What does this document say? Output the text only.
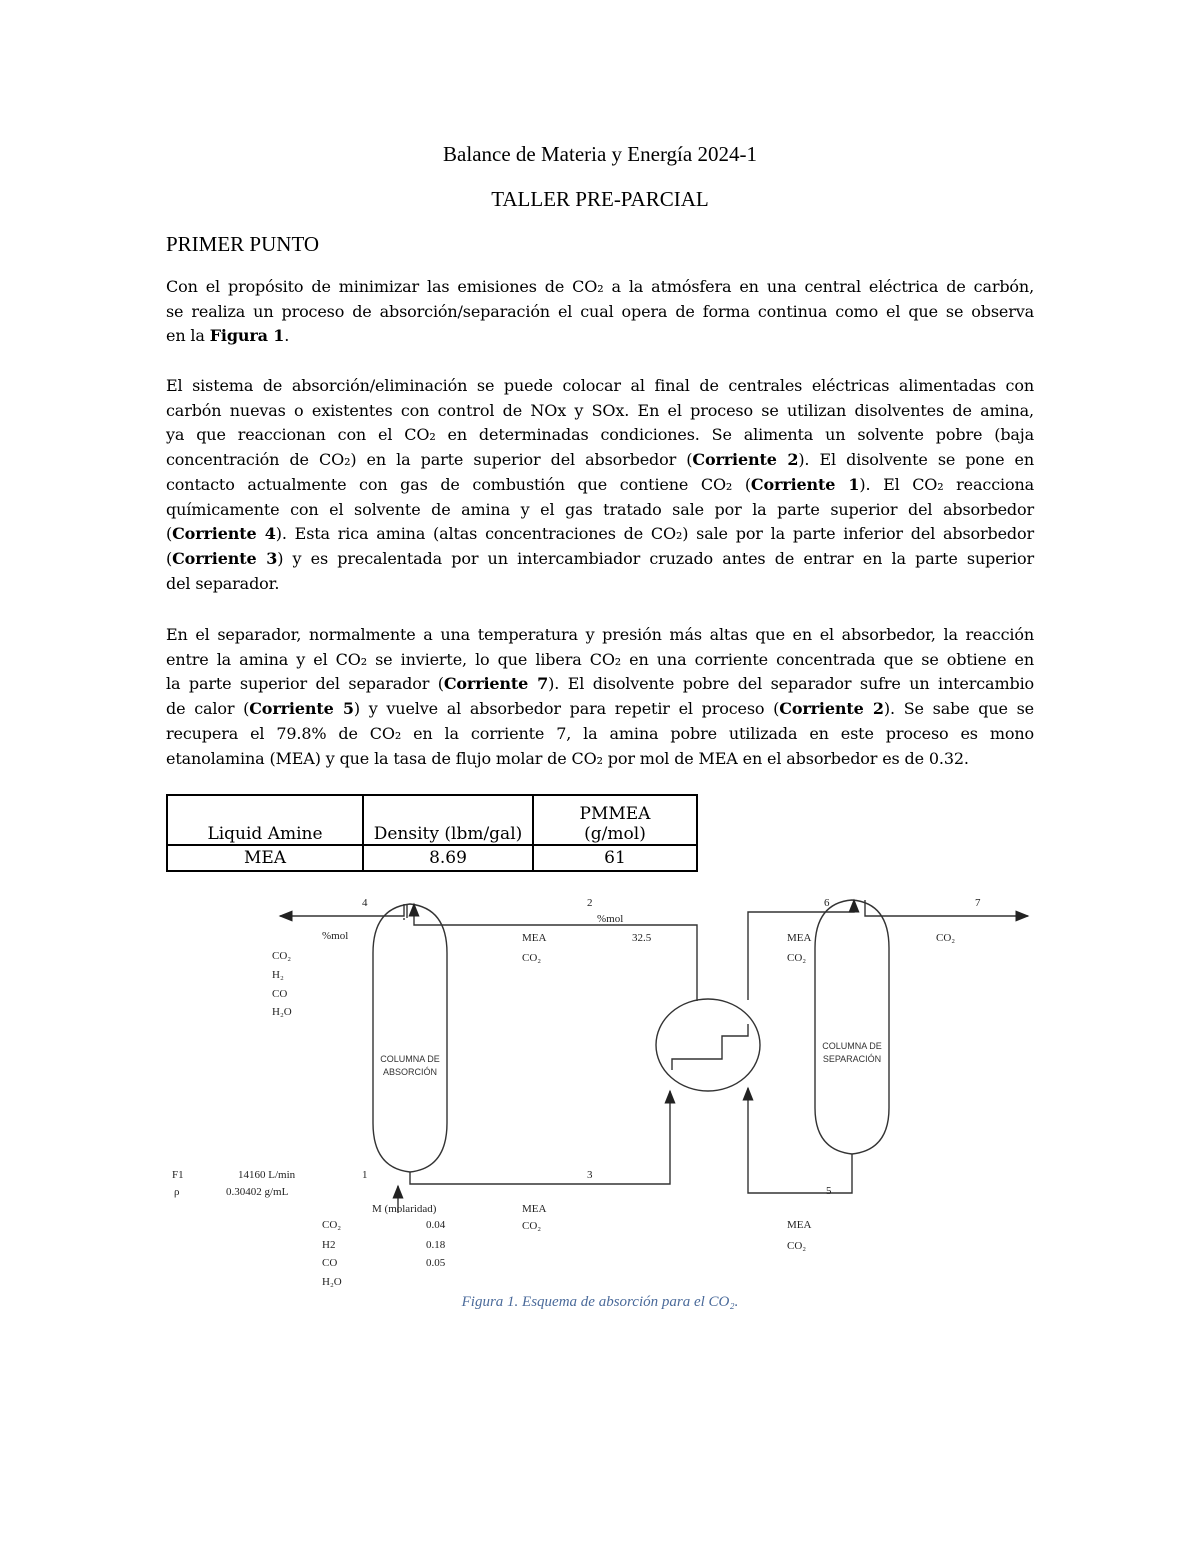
Balance de Materia y Energía 2024-1
TALLER PRE-PARCIAL
PRIMER PUNTO
Con el propósito de minimizar las emisiones de CO₂ a la atmósfera en una central eléctrica de carbón,
se realiza un proceso de absorción/separación el cual opera de forma continua como el que se observa
en la Figura 1.
El sistema de absorción/eliminación se puede colocar al final de centrales eléctricas alimentadas con
carbón nuevas o existentes con control de NOx y SOx. En el proceso se utilizan disolventes de amina,
ya que reaccionan con el CO₂ en determinadas condiciones. Se alimenta un solvente pobre (baja
concentración de CO₂) en la parte superior del absorbedor (Corriente 2). El disolvente se pone en
contacto actualmente con gas de combustión que contiene CO₂ (Corriente 1). El CO₂ reacciona
químicamente con el solvente de amina y el gas tratado sale por la parte superior del absorbedor
(Corriente 4). Esta rica amina (altas concentraciones de CO₂) sale por la parte inferior del absorbedor
(Corriente 3) y es precalentada por un intercambiador cruzado antes de entrar en la parte superior
del separador.
En el separador, normalmente a una temperatura y presión más altas que en el absorbedor, la reacción
entre la amina y el CO₂ se invierte, lo que libera CO₂ en una corriente concentrada que se obtiene en
la parte superior del separador (Corriente 7). El disolvente pobre del separador sufre un intercambio
de calor (Corriente 5) y vuelve al absorbedor para repetir el proceso (Corriente 2). Se sabe que se
recupera el 79.8% de CO₂ en la corriente 7, la amina pobre utilizada en este proceso es mono
etanolamina (MEA) y que la tasa de flujo molar de CO₂ por mol de MEA en el absorbedor es de 0.32.
Liquid Amine	Density (lbm/gal)	PMMEA
(g/mol)
MEA	8.69	61
4	2	6	7
1	3
5
COLUMNA DE
ABSORCIÓN
COLUMNA DE
SEPARACIÓN
%mol
CO₂
H₂
CO
H₂O
%mol
MEA	32.5
CO₂
MEA
CO₂
CO₂
F1	14160 L/min
ρ	0.30402 g/mL
M (molaridad)
CO₂
H2
CO
H₂O
0.04
0.18
0.05
MEA
CO₂	MEA
CO₂
Figura 1. Esquema de absorción para el CO₂.
